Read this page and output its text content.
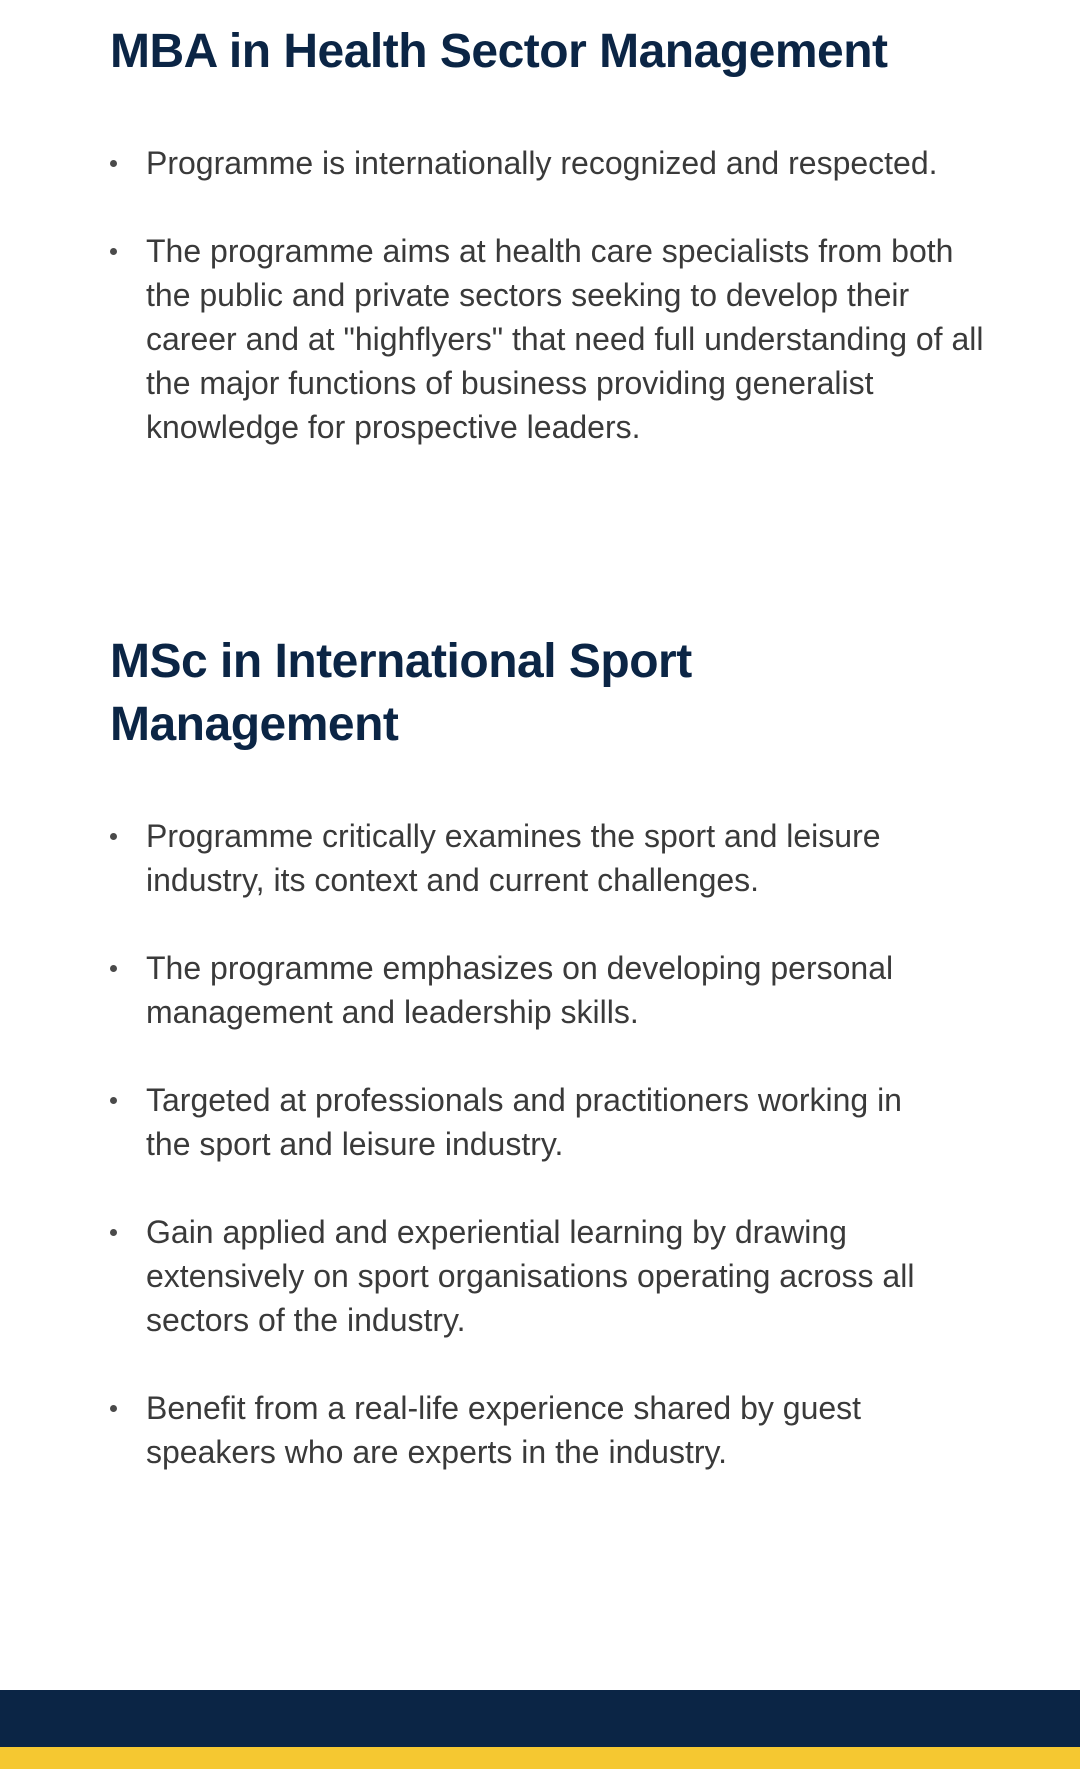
MBA in Health Sector Management
Programme is internationally recognized and respected.
The programme aims at health care specialists from both the public and private sectors seeking to develop their career and at "highflyers" that need full understanding of all the major functions of business providing generalist knowledge for prospective leaders.
MSc in International Sport Management
Programme critically examines the sport and leisure industry, its context and current challenges.
The programme emphasizes on developing personal management and leadership skills.
Targeted at professionals and practitioners working in the sport and leisure industry.
Gain applied and experiential learning by drawing extensively on sport organisations operating across all sectors of the industry.
Benefit from a real-life experience shared by guest speakers who are experts in the industry.
